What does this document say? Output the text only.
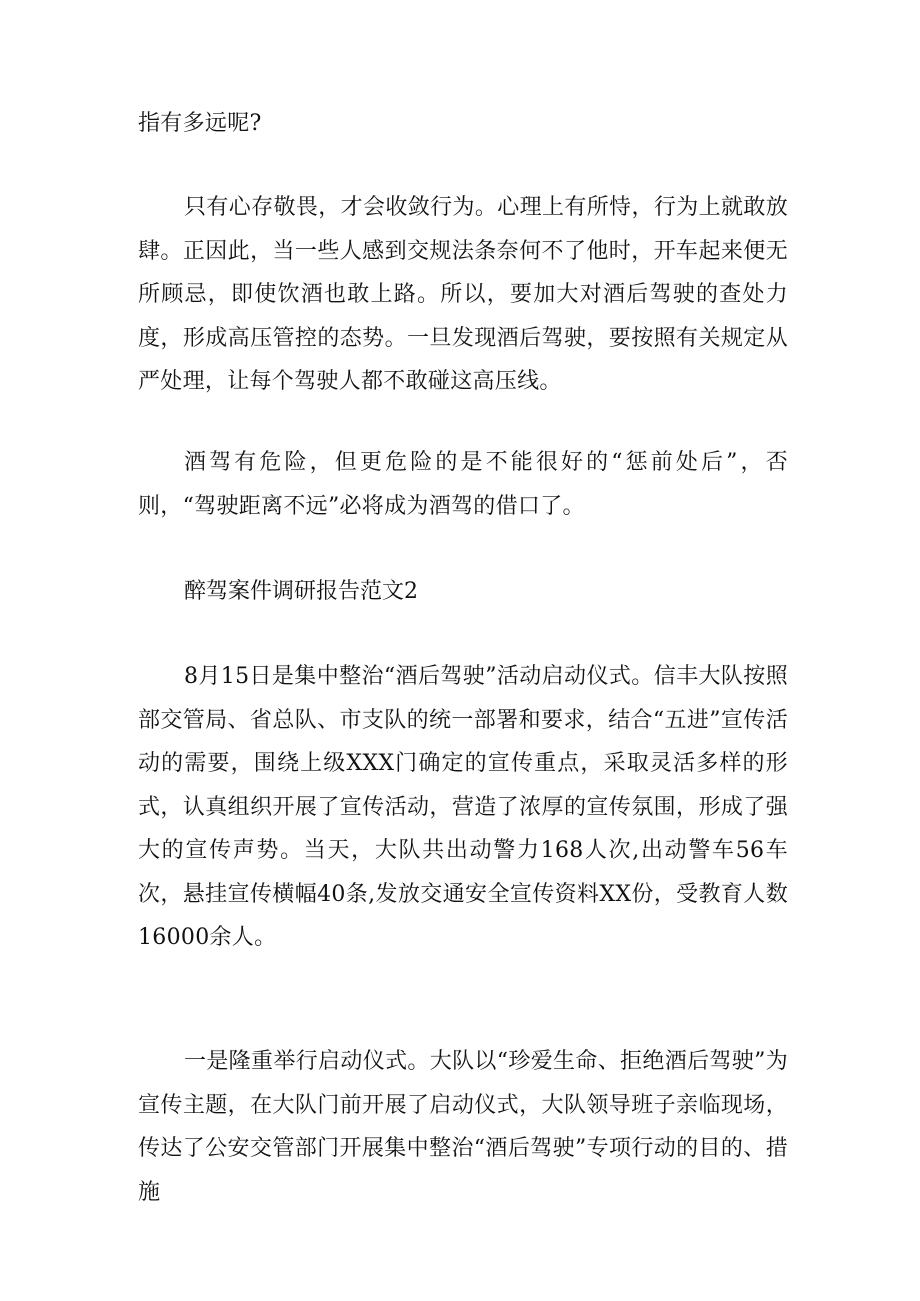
指有多远呢?

只有心存敬畏，才会收敛行为。心理上有所恃，行为上就敢放肆。正因此，当一些人感到交规法条奈何不了他时，开车起来便无所顾忌，即使饮酒也敢上路。所以，要加大对酒后驾驶的查处力度，形成高压管控的态势。一旦发现酒后驾驶，要按照有关规定从严处理，让每个驾驶人都不敢碰这高压线。

酒驾有危险，但更危险的是不能很好的“惩前处后”，否则，“驾驶距离不远”必将成为酒驾的借口了。

醉驾案件调研报告范文2

8月15日是集中整治“酒后驾驶”活动启动仪式。信丰大队按照部交管局、省总队、市支队的统一部署和要求，结合“五进”宣传活动的需要，围绕上级XXX门确定的宣传重点，采取灵活多样的形式，认真组织开展了宣传活动，营造了浓厚的宣传氛围，形成了强大的宣传声势。当天，大队共出动警力168人次,出动警车56车次，悬挂宣传横幅40条,发放交通安全宣传资料XX份，受教育人数16000余人。

一是隆重举行启动仪式。大队以“珍爱生命、拒绝酒后驾驶”为宣传主题，在大队门前开展了启动仪式，大队领导班子亲临现场，传达了公安交管部门开展集中整治“酒后驾驶”专项行动的目的、措施
